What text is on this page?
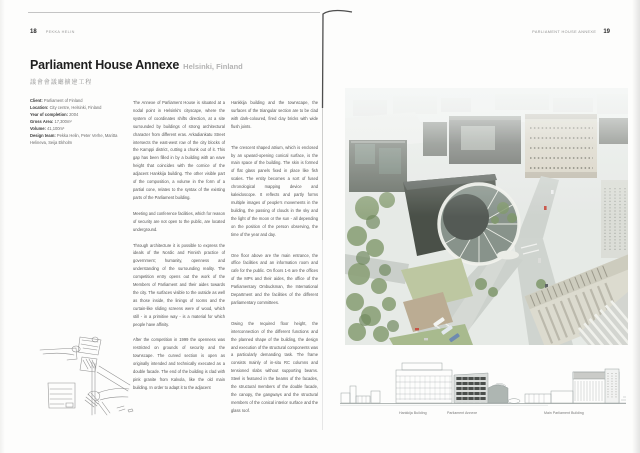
18 PEKKA HELIN
Parliament House Annexe Helsinki, Finland
議會會議廳擴建工程
Client: Parliament of Finland
Location: City centre, Helsinki, Finland
Year of completion: 2004
Gross Area: 17,300m²
Volume: 41,100m³
Design team: Pekka Helin, Peter Verhe, Maritta Helineva, Seija Ekholm

The Annexe of Parliament House is situated at a nodal point in Helsinki's cityscape, where the system of coordinates shifts direction, at a site surrounded by buildings of strong architectural character from different eras. Arkadiankatu Street intersects the east-west row of the city blocks of the Kamppi district, cutting a chunk out of it. This gap has been filled in by a building with an eave height that coincides with the cornice of the adjacent Hankkija building. The other visible part of the composition, a volume in the form of a partial cone, relates to the syntax of the existing parts of the Parliament building.

Meeting and conference facilities, which for reason of security are not open to the public, are located underground.

Through architecture it is possible to express the ideals of the Nordic and Finnish practice of government; humanity, openness and understanding of the surrounding reality. The competition entry opens out the work of the Members of Parliament and their aides towards the city. The surfaces visible to the outside as well as those inside, the linings of rooms and the curtain-like sliding screens were of wood, which still - in a primitive way - is a material for which people have affinity.

After the competition in 1999 the openness was restricted on grounds of security and the townscape. The curved section is open as originally intended and technically executed as a double facade. The end of the building is clad with pink granite from Kalvola, like the old main building. In order to adapt it to the adjacent

Hankkija building and the townscape, the surfaces of the triangular section are to be clad with dark-coloured, fired clay bricks with wide flush joints.

The crescent shaped atrium, which is enclosed by an upward-opening conical surface, is the main space of the building. The skin is formed of flat glass panels fixed in place like fish scales. The entity becomes a sort of fused chronological mapping device and kaleidoscope. It reflects and partly forms multiple images of people's movements in the building, the passing of clouds in the sky and the light of the moon or the sun - all depending on the position of the person observing, the time of the year and day.

One floor above are the main entrance, the office facilities and an information room and cafe for the public. On floors 1-6 are the offices of the MPs and their aides, the office of the Parliamentary Ombudsman, the International Department and the facilities of the different parliamentary committees.

Owing the required floor height, the interconnection of the different functions and the planned shape of the building, the design and execution of the structural components was a particularly demanding task. The frame consists mainly of in-situ RC columns and tensioned slabs without supporting beams. Steel is featured in the beams of the facades, the structural members of the double facade, the canopy, the gangways and the structural members of the conical interior surface and the glass roof.

PARLIAMENT HOUSE ANNEXE 19
Hankkija Building	Parliament Annexe	Main Parliament Building
